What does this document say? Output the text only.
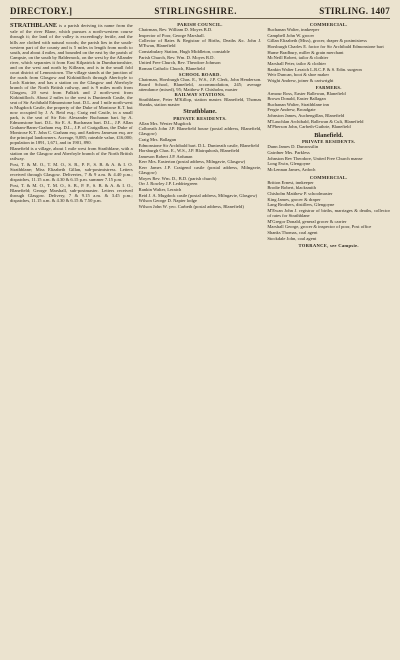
DIRECTORY.]	STIRLINGSHIRE.	STIRLING. 1407

STRATHBLANE is a parish deriving its name from the vale of the river Blane, which pursues a north-western course through it; the land of the valley is exceedingly fertile, and the hills are clothed with natural woods; the parish lies in the south-western part of the county and is 5 miles in length from north to south, and about 4 miles, and bounded on the east by the parish of Campsie, on the south by Baldernock, on the west by the Allander river, which separates it from East Kilpatrick in Dumbartonshire, and on the west and north by Killearn, and is in the small fold court district of Lennoxtown. The village stands at the junction of the roads from Glasgow and Kirkintilloch through Aberfoyle to Loch Katrine, and has a station on the Glasgow and Aberfoyle branch of the North British railway, and is 9 miles north from Glasgow, 20 west from Falkirk and 2 north-west from Kirkintilloch. About 2 miles to the west is Duntreath Castle, the seat of Sir Archibald Edmonstone bart. D.L. and 1 mile north-west is Mugdock Castle, the property of the Duke of Montrose K.T. but now occupied by J. A. Reid esq.; Craig end Castle, in a small park, is the seat of Sir Eric Alexander Buchanan bart. by A. Edmonstone bart. D.L. Sir E. A. Buchanan bart. D.L., J.P. Allan Graham-Barns-Graham esq. D.L., J.P. of Craigallian, the Duke of Montrose K.T. John C. Graham esq. and Andrew Jameson esq. are the principal landowners. Acreage, 9,085; rateable value, £16,000; population in 1891, 1,671, and in 1901, 890.

Blanefield is a village, about 1 mile west from Strathblane, with a station on the Glasgow and Aberfoyle branch of the North British railway.

Post, T. & M. O., T. M. O., S. B., P. P., S. B. & A. & I. O. Strathblane; Miss Elizabeth Gillan, sub-postmistress. Letters received through Glasgow. Deliveries, 7 & 9 a.m. & 4.40 p.m.; dispatches, 11.15 a.m. & 4.30 & 6.15 p.m. summer 7.15 p.m.

Post, T. & M. O., T. M. O., S. B., P. P., S. B. & A. & I. O., Blanefield; George Marshall, sub-postmaster. Letters received through Glasgow. Delivery, 7 & 9.15 a.m. & 3.45 p.m.; dispatches, 11.15 a.m. & 4.30 & 6.15 & 7.50 p.m.

PARISH COUNCIL.

Chairman, Rev. William D. Moyes B.D.

Inspector of Poor, George Marshall.

Collector of Rates & Registrar of Births, Deaths &c. John J. M'Ewan, Blanefield

Constabulary Station, Hugh Middleton, constable

Parish Church, Rev. Wm. D. Moyes B.D.

United Free Church, Rev. Theodore Johnson

Roman Catholic Church, Blanefield

SCHOOL BOARD.

Chairman, Horsburgh Chas. E., W.S., J.P. Clerk, John Henderson. Board School, Blanefield, accommodation, 245; average attendance (mixed), 95; Matthew P. Chisholm, master

RAILWAY STATIONS.

Strathblane, Peter M'Killop, station master. Blanefield, Thomas Shanks, station master

Strathblane.
PRIVATE RESIDENTS.

Allan Mrs. Wester Mugdock

Colbreath John J.P. Blanefield house (postal address, Blanefield, Glasgow)

Craig Mrs. Ballagan

Edmonstone Sir Archibald bart. D.L. Duntreath castle, Blanefield

Horsburgh Chas. E., W.S., J.P. Blairquhosh, Blanefield

Jameson Robert J.P. Ardunan

Kerr Mrs. Easterton (postal address, Milngavie, Glasgow)

Kerr James J.P. Craigend castle (postal address, Milngavie, Glasgow)

Moyes Rev. Wm. D., B.D. (parish church)

Orr J. Rowley J.P. Leddriegreen

Rankin Walter, Leraich

Reid J. A. Mugdock castle (postal address, Milngavie, Glasgow)

Wilson George D. Napier lodge

Wilson John W. yeo. Carbeth (postal address, Blanefield)

COMMERCIAL.

Buchanan Walter, innkeeper

Campbell John W. grocer

Gillan Elizabeth (Miss), grocer, draper & postmistress

Horsburgh Charles E. factor for Sir Archibald Edmonstone bart

Hume Bradbury, miller & grain merchant

McNeill Robert, tailor & clothier

Marshall Peter, tailor & clothier

Rankin Walter Leraich L.R.C.P. & S. Edin. surgeon

Weir Duncan, boot & shoe maker

Wright Andrew, joiner & cartwright

FARMERS.

Armour Ross, Easter Ballewan, Blanefield

Brown Donald, Easter Ballagan

Buchanan Walter, Strathblane inn

Fergie Andrew, Broadgate

Johnston James, Auchengillan, Blanefield

M'Lauchlan Archibald, Ballewan & Cult, Blanefield

M'Pherson John, Carbeth-Guthrie, Blanefield

Blanefield.
PRIVATE RESIDENTS.

Dunn James D. Dunrossilin

Gairdner Mrs. Parkless

Johnston Rev Theodore, United Free Church manse

Long Ewin, Glengoyne

McLennan James, Ardoch

COMMERCIAL.

Britton Ernest, innkeeper

Brodie Robert, blacksmith

Chisholm Matthew P. schoolmaster

King James, grocer & draper

Lang Brothers, distillers, Glengoyne

M'Ewan John J. registrar of births, marriages & deaths, collector of rates for Strathblane

M'Gregor Donald, general grocer & carrier

Marshall George, grocer & inspector of poor, Post office

Shanks Thomas, coal agent

Stockdale John, coal agent

TORRANCE, see Campsie.
